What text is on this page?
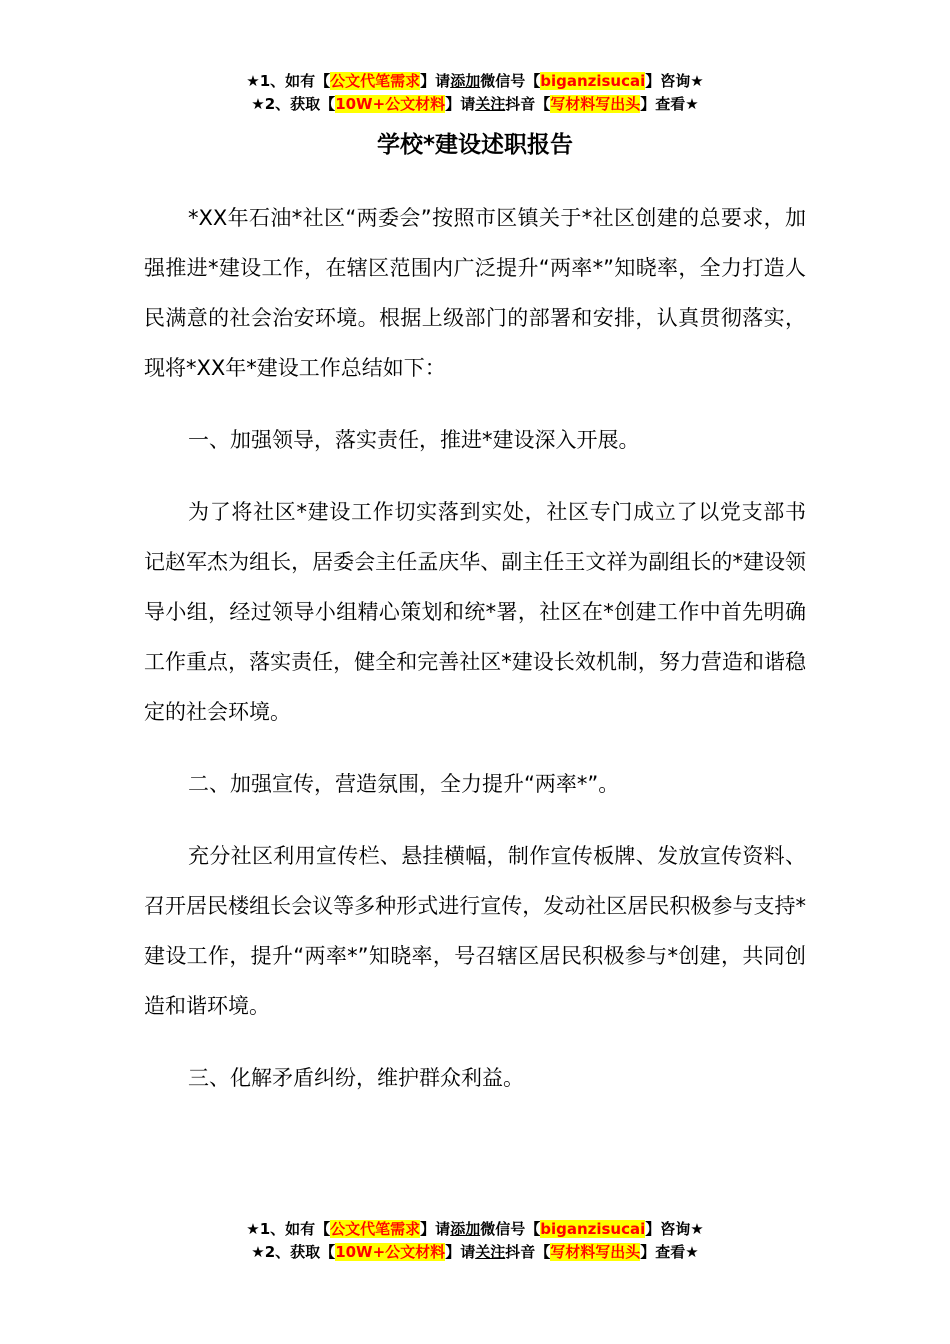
★1、如有【公文代笔需求】请添加微信号【biganzisucai】咨询★
★2、获取【10W+公文材料】请关注抖音【写材料写出头】查看★
学校*建设述职报告

*XX年石油*社区“两委会”按照市区镇关于*社区创建的总要求，加强推进*建设工作，在辖区范围内广泛提升“两率*”知晓率，全力打造人民满意的社会治安环境。根据上级部门的部署和安排，认真贯彻落实，现将*XX年*建设工作总结如下：

一、加强领导，落实责任，推进*建设深入开展。

为了将社区*建设工作切实落到实处，社区专门成立了以党支部书记赵军杰为组长，居委会主任孟庆华、副主任王文祥为副组长的*建设领导小组，经过领导小组精心策划和统*署，社区在*创建工作中首先明确工作重点，落实责任，健全和完善社区*建设长效机制，努力营造和谐稳定的社会环境。

二、加强宣传，营造氛围，全力提升“两率*”。

充分社区利用宣传栏、悬挂横幅，制作宣传板牌、发放宣传资料、召开居民楼组长会议等多种形式进行宣传，发动社区居民积极参与支持*建设工作，提升“两率*”知晓率，号召辖区居民积极参与*创建，共同创造和谐环境。

三、化解矛盾纠纷，维护群众利益。

★1、如有【公文代笔需求】请添加微信号【biganzisucai】咨询★
★2、获取【10W+公文材料】请关注抖音【写材料写出头】查看★
